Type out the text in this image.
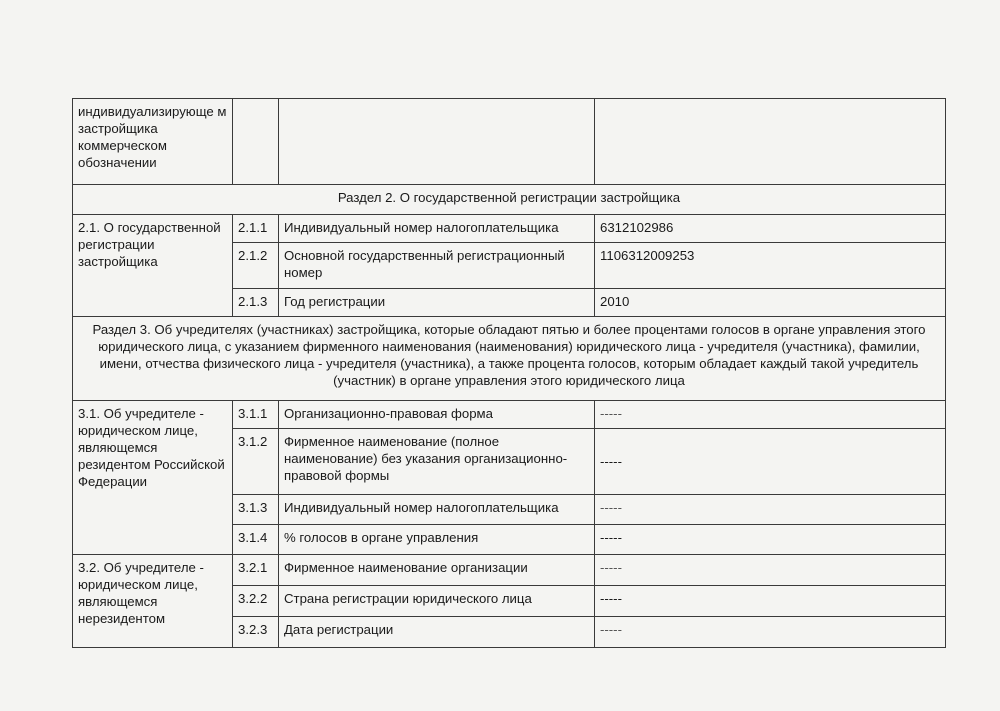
индивидуализирующе м застройщика коммерческом обозначении			
Раздел 2. О государственной регистрации застройщика			
2.1. О государственной регистрации застройщика	2.1.1	Индивидуальный номер налогоплательщика	6312102986
	2.1.2	Основной государственный регистрационный номер	1106312009253
	2.1.3	Год регистрации	2010
Раздел 3. Об учредителях (участниках) застройщика, которые обладают пятью и более процентами голосов в органе управления этого юридического лица, с указанием фирменного наименования (наименования) юридического лица - учредителя (участника), фамилии, имени, отчества физического лица - учредителя (участника), а также процента голосов, которым обладает каждый такой учредитель (участник) в органе управления этого юридического лица			
3.1. Об учредителе - юридическом лице, являющемся резидентом Российской Федерации	3.1.1	Организационно-правовая форма	-----
	3.1.2	Фирменное наименование (полное наименование) без указания организационно-правовой формы	-----
	3.1.3	Индивидуальный номер налогоплательщика	-----
	3.1.4	% голосов в органе управления	-----
3.2. Об учредителе - юридическом лице, являющемся нерезидентом	3.2.1	Фирменное наименование организации	-----
	3.2.2	Страна регистрации юридического лица	-----
	3.2.3	Дата регистрации	-----
